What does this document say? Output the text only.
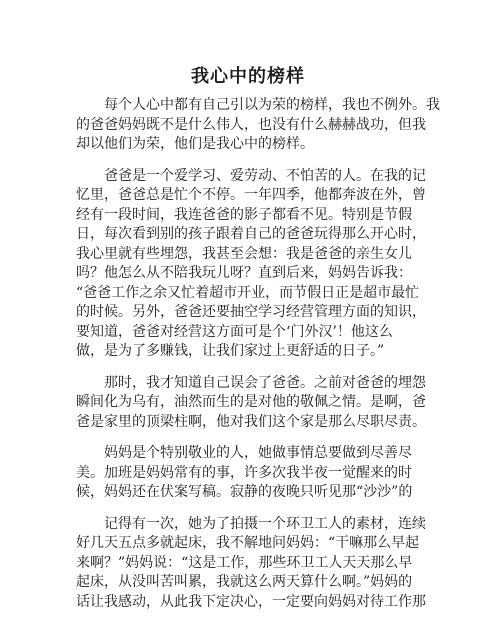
我心中的榜样

每个人心中都有自己引以为荣的榜样，我也不例外。我
的爸爸妈妈既不是什么伟人，也没有什么赫赫战功，但我
却以他们为荣，他们是我心中的榜样。

爸爸是一个爱学习、爱劳动、不怕苦的人。在我的记
忆里，爸爸总是忙个不停。一年四季，他都奔波在外，曾
经有一段时间，我连爸爸的影子都看不见。特别是节假
日，每次看到别的孩子跟着自己的爸爸玩得那么开心时，
我心里就有些埋怨，我甚至会想：我是爸爸的亲生女儿
吗？他怎么从不陪我玩儿呀？直到后来，妈妈告诉我：
“爸爸工作之余又忙着超市开业，而节假日正是超市最忙
的时候。另外，爸爸还要抽空学习经营管理方面的知识，
要知道，爸爸对经营这方面可是个‘门外汉’！他这么
做，是为了多赚钱，让我们家过上更舒适的日子。”

那时，我才知道自己误会了爸爸。之前对爸爸的埋怨
瞬间化为乌有，油然而生的是对他的敬佩之情。是啊，爸
爸是家里的顶梁柱啊，他对我们这个家是那么尽职尽责。

妈妈是个特别敬业的人，她做事情总要做到尽善尽
美。加班是妈妈常有的事，许多次我半夜一觉醒来的时
候，妈妈还在伏案写稿。寂静的夜晚只听见那“沙沙”的

记得有一次，她为了拍摄一个环卫工人的素材，连续
好几天五点多就起床，我不解地问妈妈：“干嘛那么早起
来啊？”妈妈说：“这是工作，那些环卫工人天天那么早
起床，从没叫苦叫累，我就这么两天算什么啊。”妈妈的
话让我感动，从此我下定决心，一定要向妈妈对待工作那
